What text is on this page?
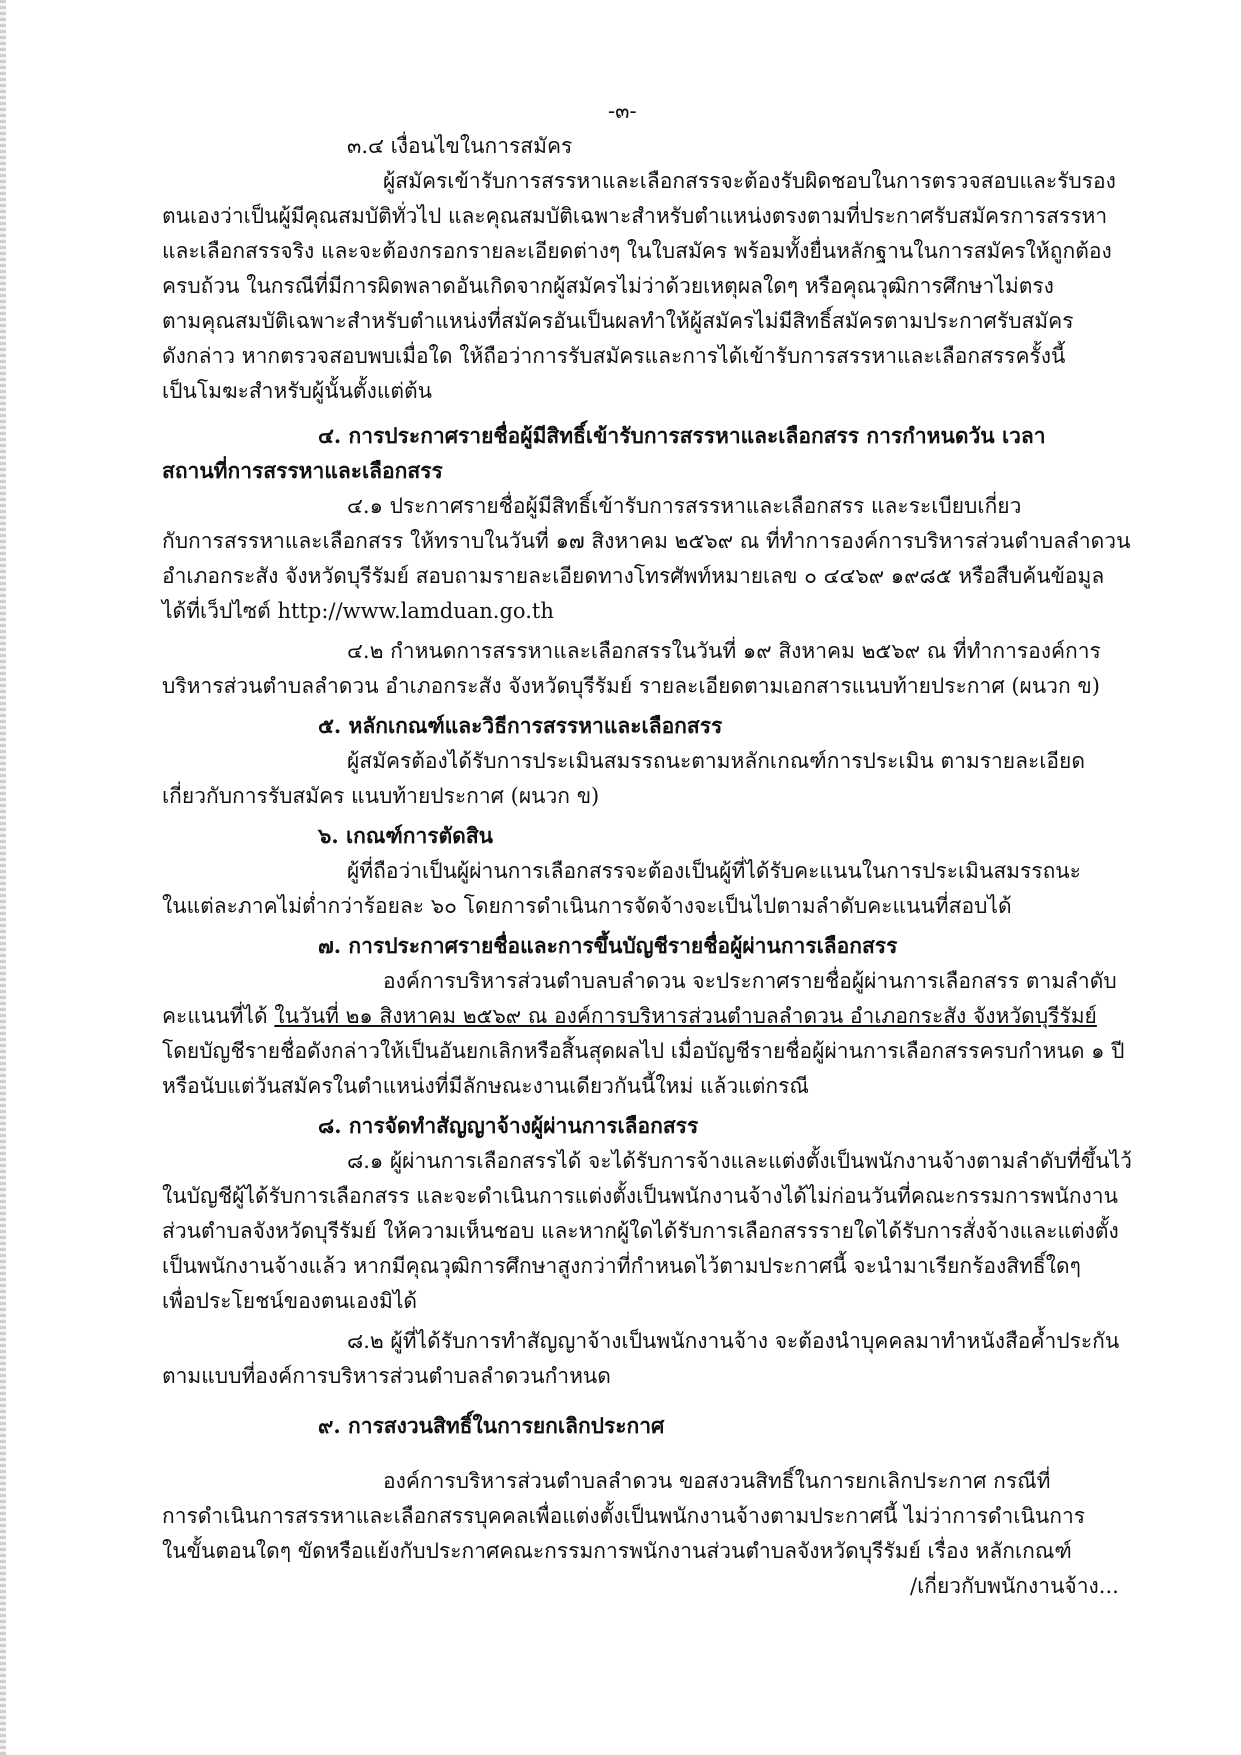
-๓-
๓.๔ เงื่อนไขในการสมัคร
ผู้สมัครเข้ารับการสรรหาและเลือกสรรจะต้องรับผิดชอบในการตรวจสอบและรับรอง
ตนเองว่าเป็นผู้มีคุณสมบัติทั่วไป และคุณสมบัติเฉพาะสำหรับตำแหน่งตรงตามที่ประกาศรับสมัครการสรรหา
และเลือกสรรจริง และจะต้องกรอกรายละเอียดต่างๆ ในใบสมัคร พร้อมทั้งยื่นหลักฐานในการสมัครให้ถูกต้อง
ครบถ้วน ในกรณีที่มีการผิดพลาดอันเกิดจากผู้สมัครไม่ว่าด้วยเหตุผลใดๆ หรือคุณวุฒิการศึกษาไม่ตรง
ตามคุณสมบัติเฉพาะสำหรับตำแหน่งที่สมัครอันเป็นผลทำให้ผู้สมัครไม่มีสิทธิ์สมัครตามประกาศรับสมัคร
ดังกล่าว หากตรวจสอบพบเมื่อใด ให้ถือว่าการรับสมัครและการได้เข้ารับการสรรหาและเลือกสรรครั้งนี้
เป็นโมฆะสำหรับผู้นั้นตั้งแต่ต้น
๔. การประกาศรายชื่อผู้มีสิทธิ์เข้ารับการสรรหาและเลือกสรร การกำหนดวัน เวลา
สถานที่การสรรหาและเลือกสรร
๔.๑ ประกาศรายชื่อผู้มีสิทธิ์เข้ารับการสรรหาและเลือกสรร และระเบียบเกี่ยว
กับการสรรหาและเลือกสรร ให้ทราบในวันที่ ๑๗ สิงหาคม ๒๕๖๙ ณ ที่ทำการองค์การบริหารส่วนตำบลลำดวน
อำเภอกระสัง จังหวัดบุรีรัมย์ สอบถามรายละเอียดทางโทรศัพท์หมายเลข ๐ ๔๔๖๙ ๑๙๘๕ หรือสืบค้นข้อมูล
ได้ที่เว็ปไซต์ http://www.lamduan.go.th
๔.๒ กำหนดการสรรหาและเลือกสรรในวันที่ ๑๙ สิงหาคม ๒๕๖๙ ณ ที่ทำการองค์การ
บริหารส่วนตำบลลำดวน อำเภอกระสัง จังหวัดบุรีรัมย์ รายละเอียดตามเอกสารแนบท้ายประกาศ (ผนวก ข)
๕. หลักเกณฑ์และวิธีการสรรหาและเลือกสรร
ผู้สมัครต้องได้รับการประเมินสมรรถนะตามหลักเกณฑ์การประเมิน ตามรายละเอียด
เกี่ยวกับการรับสมัคร แนบท้ายประกาศ (ผนวก ข)
๖. เกณฑ์การตัดสิน
ผู้ที่ถือว่าเป็นผู้ผ่านการเลือกสรรจะต้องเป็นผู้ที่ได้รับคะแนนในการประเมินสมรรถนะ
ในแต่ละภาคไม่ต่ำกว่าร้อยละ ๖๐ โดยการดำเนินการจัดจ้างจะเป็นไปตามลำดับคะแนนที่สอบได้
๗. การประกาศรายชื่อและการขึ้นบัญชีรายชื่อผู้ผ่านการเลือกสรร
องค์การบริหารส่วนตำบลบลำดวน จะประกาศรายชื่อผู้ผ่านการเลือกสรร ตามลำดับ
คะแนนที่ได้ ในวันที่ ๒๑ สิงหาคม ๒๕๖๙ ณ องค์การบริหารส่วนตำบลลำดวน อำเภอกระสัง จังหวัดบุรีรัมย์
โดยบัญชีรายชื่อดังกล่าวให้เป็นอันยกเลิกหรือสิ้นสุดผลไป เมื่อบัญชีรายชื่อผู้ผ่านการเลือกสรรครบกำหนด ๑ ปี
หรือนับแต่วันสมัครในตำแหน่งที่มีลักษณะงานเดียวกันนี้ใหม่ แล้วแต่กรณี
๘. การจัดทำสัญญาจ้างผู้ผ่านการเลือกสรร
๘.๑ ผู้ผ่านการเลือกสรรได้ จะได้รับการจ้างและแต่งตั้งเป็นพนักงานจ้างตามลำดับที่ขึ้นไว้
ในบัญชีผู้ได้รับการเลือกสรร และจะดำเนินการแต่งตั้งเป็นพนักงานจ้างได้ไม่ก่อนวันที่คณะกรรมการพนักงาน
ส่วนตำบลจังหวัดบุรีรัมย์ ให้ความเห็นชอบ และหากผู้ใดได้รับการเลือกสรรรายใดได้รับการสั่งจ้างและแต่งตั้ง
เป็นพนักงานจ้างแล้ว หากมีคุณวุฒิการศึกษาสูงกว่าที่กำหนดไว้ตามประกาศนี้ จะนำมาเรียกร้องสิทธิ์ใดๆ
เพื่อประโยชน์ของตนเองมิได้
๘.๒ ผู้ที่ได้รับการทำสัญญาจ้างเป็นพนักงานจ้าง จะต้องนำบุคคลมาทำหนังสือค้ำประกัน
ตามแบบที่องค์การบริหารส่วนตำบลลำดวนกำหนด
๙. การสงวนสิทธิ์ในการยกเลิกประกาศ
องค์การบริหารส่วนตำบลลำดวน ขอสงวนสิทธิ์ในการยกเลิกประกาศ กรณีที่
การดำเนินการสรรหาและเลือกสรรบุคคลเพื่อแต่งตั้งเป็นพนักงานจ้างตามประกาศนี้ ไม่ว่าการดำเนินการ
ในขั้นตอนใดๆ ขัดหรือแย้งกับประกาศคณะกรรมการพนักงานส่วนตำบลจังหวัดบุรีรัมย์ เรื่อง หลักเกณฑ์
/เกี่ยวกับพนักงานจ้าง...
